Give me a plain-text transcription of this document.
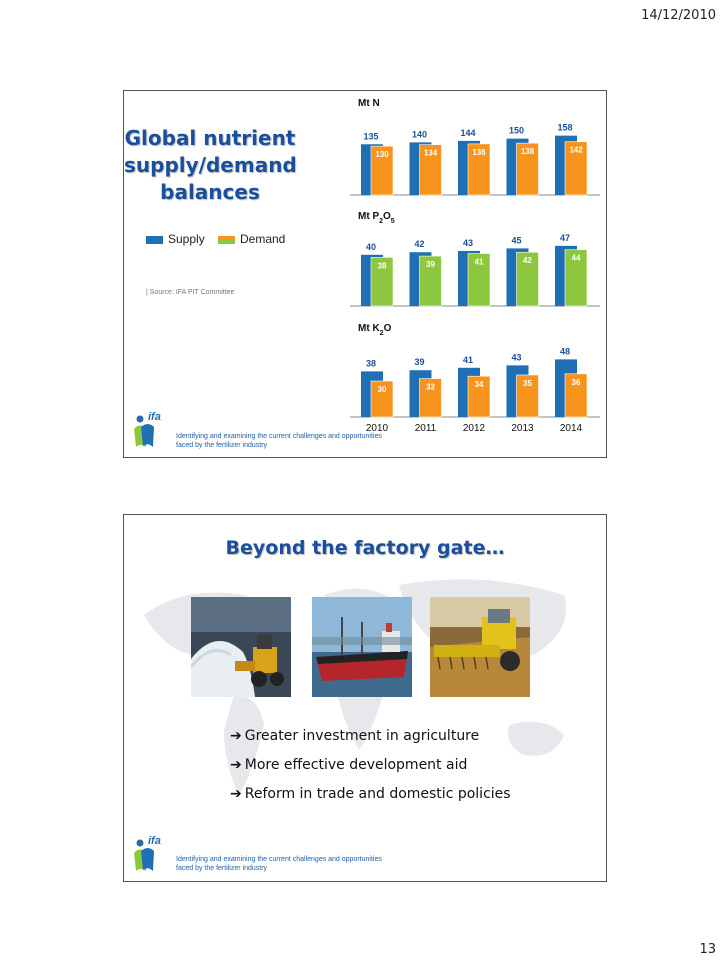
14/12/2010
Global nutrient
supply/demand
balances
Supply	Demand
| Source: IFA PIT Committee
Mt N
135
130
140
134
144
136
150
138
158
142
Mt $P_2O_5$
40
38
42
39
43
41
45
42
47
44
Mt $K_2O$
38
30
2010
39
32
2011
41
34
2012
43
35
2013
48
36
2014
ifa
Identifying and examining the current challenges and opportunities
faced by the fertilizer industry
Beyond the factory gate…
➔ Greater investment in agriculture
➔ More effective development aid
➔ Reform in trade and domestic policies
ifa
Identifying and examining the current challenges and opportunities
faced by the fertilizer industry
13
